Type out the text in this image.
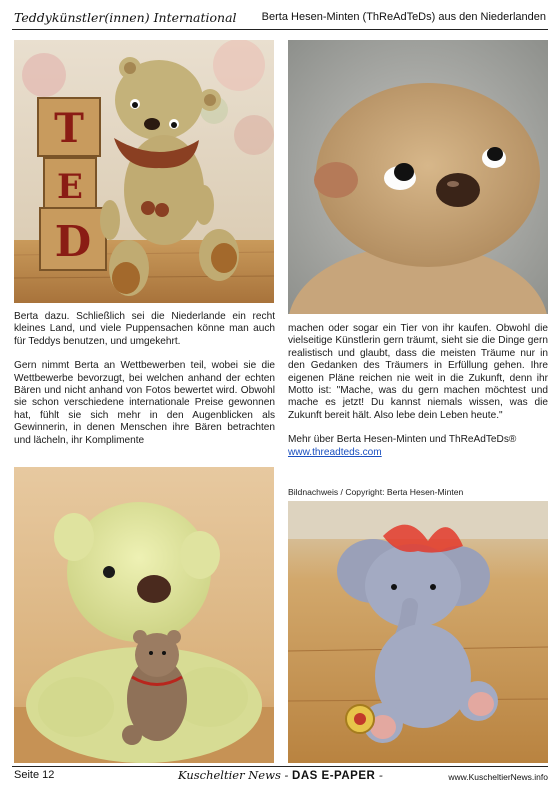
Teddykünstler(innen) International Berta Hesen-Minten (ThReAdTeDs) aus den Niederlanden
T
E
D

Berta dazu. Schließlich sei die Niederlande ein recht kleines Land, und viele Puppensachen könne man auch für Teddys benutzen, und umgekehrt.

Gern nimmt Berta an Wettbewerben teil, wobei sie die Wettbewerbe bevorzugt, bei welchen anhand der echten Bären und nicht anhand von Fotos bewertet wird. Obwohl sie schon verschiedene internationale Preise gewonnen hat, fühlt sie sich mehr in den Augenblicken als Gewinnerin, in denen Menschen ihre Bären betrachten und lächeln, ihr Komplimente

machen oder sogar ein Tier von ihr kaufen. Obwohl die vielseitige Künstlerin gern träumt, sieht sie die Dinge gern realistisch und glaubt, dass die meisten Träume nur in den Gedanken des Träumers in Erfüllung gehen. Ihre eigenen Pläne reichen nie weit in die Zukunft, denn ihr Motto ist: "Mache, was du gern machen möchtest und mache es jetzt! Du kannst niemals wissen, was die Zukunft bereit hält. Also lebe dein Leben heute."

Mehr über Berta Hesen-Minten und ThReAdTeDs®
www.threadteds.com

Bildnachweis / Copyright: Berta Hesen-Minten
Seite 12	Kuscheltier News - DAS E-PAPER -	www.KuscheltierNews.info
